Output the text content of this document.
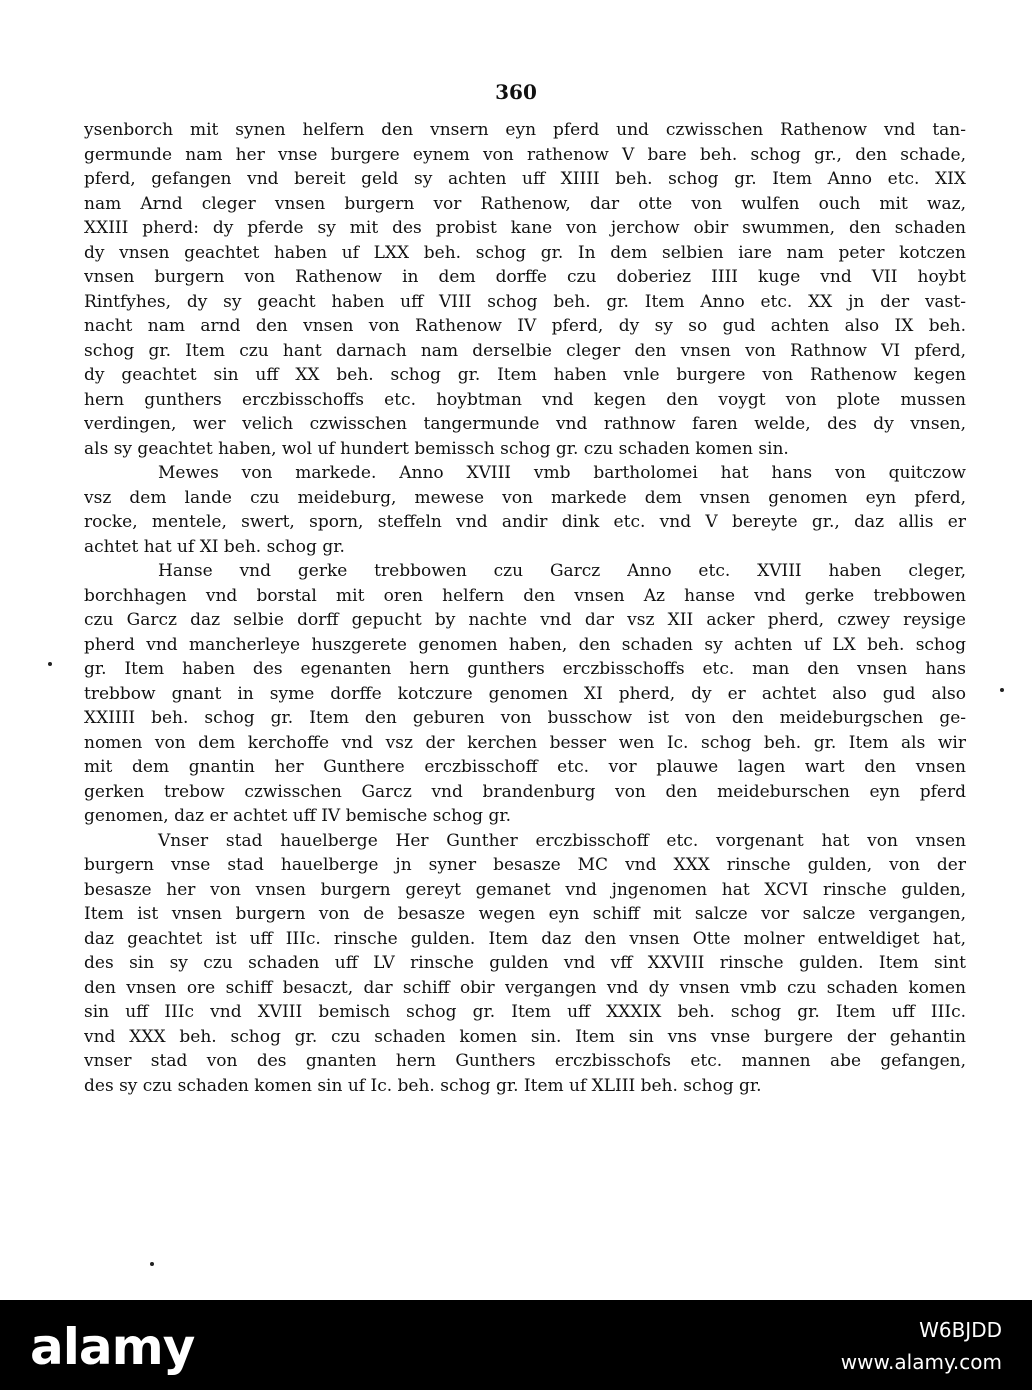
360
ysenborch mit synen helfern den vnsern eyn pferd und czwisschen Rathenow vnd tan-
germunde nam her vnse burgere eynem von rathenow V bare beh. schog gr., den schade,
pferd, gefangen vnd bereit geld sy achten uff XIIII beh. schog gr. Item Anno etc. XIX
nam Arnd cleger vnsen burgern vor Rathenow, dar otte von wulfen ouch mit waz,
XXIII pherd: dy pferde sy mit des probist kane von jerchow obir swummen, den schaden
dy vnsen geachtet haben uf LXX beh. schog gr. In dem selbien iare nam peter kotczen
vnsen burgern von Rathenow in dem dorffe czu doberiez IIII kuge vnd VII hoybt
Rintfyhes, dy sy geacht haben uff VIII schog beh. gr. Item Anno etc. XX jn der vast-
nacht nam arnd den vnsen von Rathenow IV pferd, dy sy so gud achten also IX beh.
schog gr. Item czu hant darnach nam derselbie cleger den vnsen von Rathnow VI pferd,
dy geachtet sin uff XX beh. schog gr. Item haben vnle burgere von Rathenow kegen
hern gunthers erczbisschoffs etc. hoybtman vnd kegen den voygt von plote mussen
verdingen, wer velich czwisschen tangermunde vnd rathnow faren welde, des dy vnsen,
als sy geachtet haben, wol uf hundert bemissch schog gr. czu schaden komen sin.
Mewes von markede. Anno XVIII vmb bartholomei hat hans von quitczow
vsz dem lande czu meideburg, mewese von markede dem vnsen genomen eyn pferd,
rocke, mentele, swert, sporn, steffeln vnd andir dink etc. vnd V bereyte gr., daz allis er
achtet hat uf XI beh. schog gr.
Hanse vnd gerke trebbowen czu Garcz Anno etc. XVIII haben cleger,
borchhagen vnd borstal mit oren helfern den vnsen Az hanse vnd gerke trebbowen
czu Garcz daz selbie dorff gepucht by nachte vnd dar vsz XII acker pherd, czwey reysige
pherd vnd mancherleye huszgerete genomen haben, den schaden sy achten uf LX beh. schog
gr. Item haben des egenanten hern gunthers erczbisschoffs etc. man den vnsen hans
trebbow gnant in syme dorffe kotczure genomen XI pherd, dy er achtet also gud also
XXIIII beh. schog gr. Item den geburen von busschow ist von den meideburgschen ge-
nomen von dem kerchoffe vnd vsz der kerchen besser wen Ic. schog beh. gr. Item als wir
mit dem gnantin her Gunthere erczbisschoff etc. vor plauwe lagen wart den vnsen
gerken trebow czwisschen Garcz vnd brandenburg von den meideburschen eyn pferd
genomen, daz er achtet uff IV bemische schog gr.
Vnser stad hauelberge Her Gunther erczbisschoff etc. vorgenant hat von vnsen
burgern vnse stad hauelberge jn syner besasze MC vnd XXX rinsche gulden, von der
besasze her von vnsen burgern gereyt gemanet vnd jngenomen hat XCVI rinsche gulden,
Item ist vnsen burgern von de besasze wegen eyn schiff mit salcze vor salcze vergangen,
daz geachtet ist uff IIIc. rinsche gulden. Item daz den vnsen Otte molner entweldiget hat,
des sin sy czu schaden uff LV rinsche gulden vnd vff XXVIII rinsche gulden. Item sint
den vnsen ore schiff besaczt, dar schiff obir vergangen vnd dy vnsen vmb czu schaden komen
sin uff IIIc vnd XVIII bemisch schog gr. Item uff XXXIX beh. schog gr. Item uff IIIc.
vnd XXX beh. schog gr. czu schaden komen sin. Item sin vns vnse burgere der gehantin
vnser stad von des gnanten hern Gunthers erczbisschofs etc. mannen abe gefangen,
des sy czu schaden komen sin uf Ic. beh. schog gr. Item uf XLIII beh. schog gr.
alamy	W6BJDD
www.alamy.com
